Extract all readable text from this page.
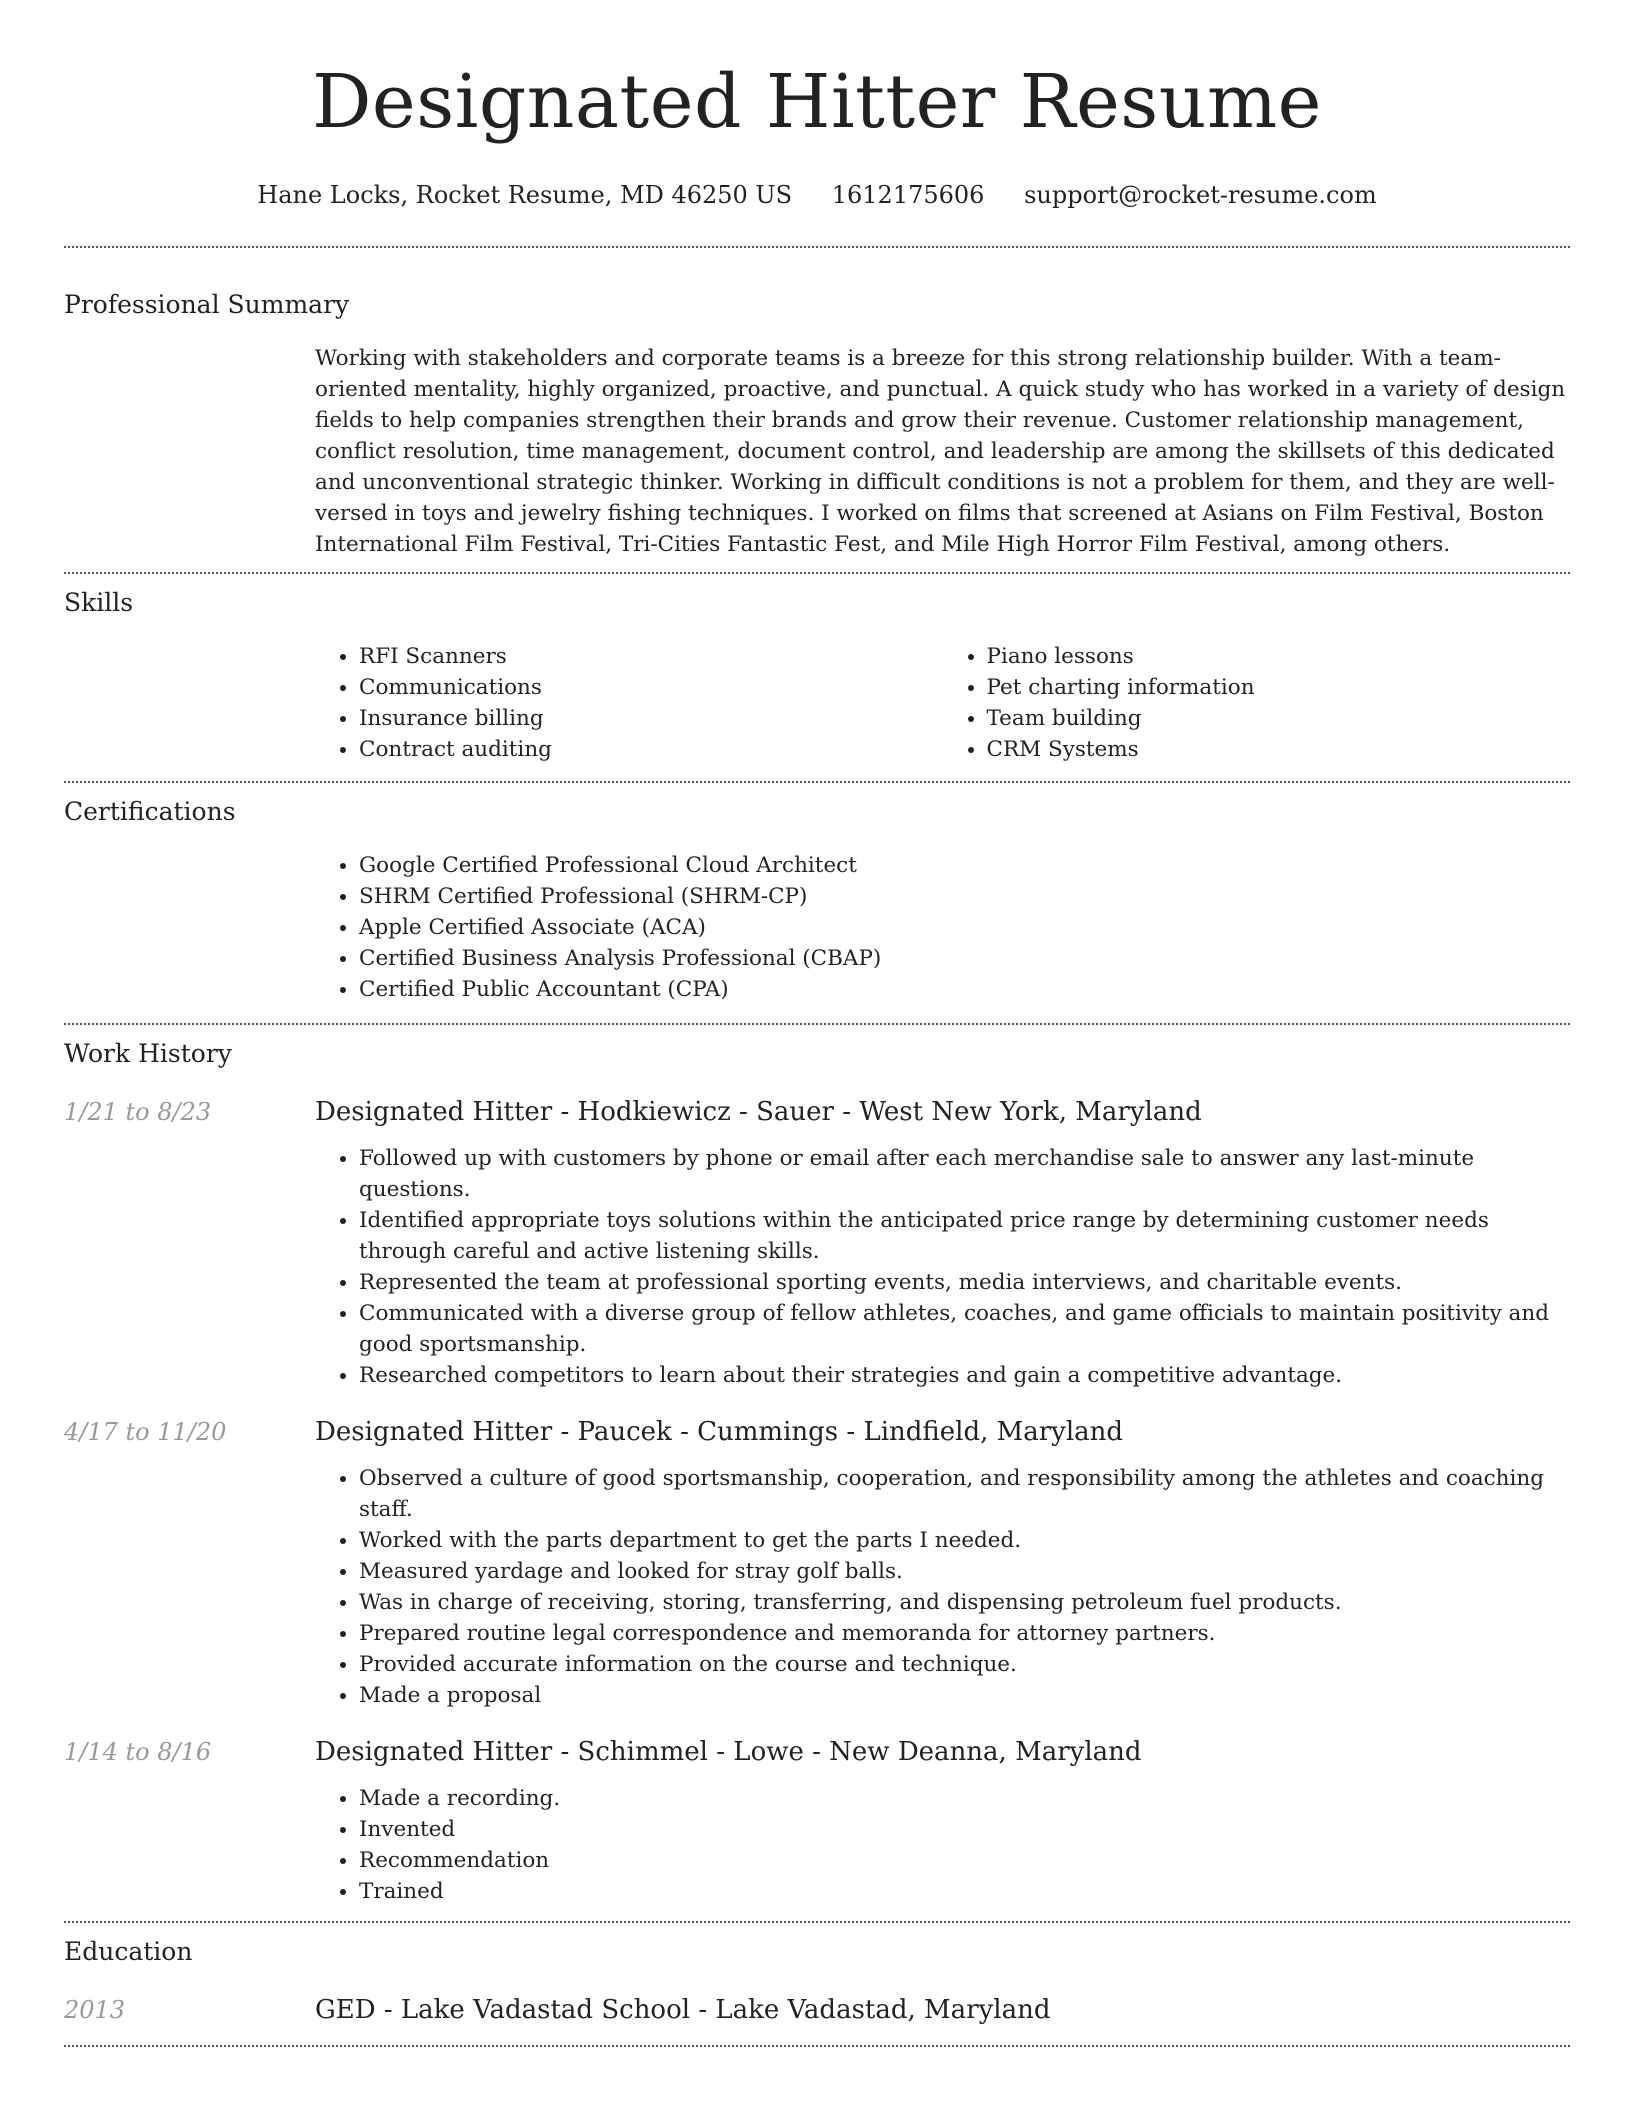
Designated Hitter Resume
Hane Locks, Rocket Resume, MD 46250 US 1612175606 support@rocket-resume.com
Professional Summary

Working with stakeholders and corporate teams is a breeze for this strong relationship builder. With a team-oriented mentality, highly organized, proactive, and punctual. A quick study who has worked in a variety of design fields to help companies strengthen their brands and grow their revenue. Customer relationship management, conflict resolution, time management, document control, and leadership are among the skillsets of this dedicated and unconventional strategic thinker. Working in difficult conditions is not a problem for them, and they are well-versed in toys and jewelry fishing techniques. I worked on films that screened at Asians on Film Festival, Boston International Film Festival, Tri-Cities Fantastic Fest, and Mile High Horror Film Festival, among others.

Skills
• RFI Scanners
• Communications
• Insurance billing
• Contract auditing
• Piano lessons
• Pet charting information
• Team building
• CRM Systems
Certifications
• Google Certified Professional Cloud Architect
• SHRM Certified Professional (SHRM-CP)
• Apple Certified Associate (ACA)
• Certified Business Analysis Professional (CBAP)
• Certified Public Accountant (CPA)
Work History
1/21 to 8/23	Designated Hitter - Hodkiewicz - Sauer - West New York, Maryland
• Followed up with customers by phone or email after each merchandise sale to answer any last-minute questions.
• Identified appropriate toys solutions within the anticipated price range by determining customer needs through careful and active listening skills.
• Represented the team at professional sporting events, media interviews, and charitable events.
• Communicated with a diverse group of fellow athletes, coaches, and game officials to maintain positivity and good sportsmanship.
• Researched competitors to learn about their strategies and gain a competitive advantage.
4/17 to 11/20	Designated Hitter - Paucek - Cummings - Lindfield, Maryland
• Observed a culture of good sportsmanship, cooperation, and responsibility among the athletes and coaching staff.
• Worked with the parts department to get the parts I needed.
• Measured yardage and looked for stray golf balls.
• Was in charge of receiving, storing, transferring, and dispensing petroleum fuel products.
• Prepared routine legal correspondence and memoranda for attorney partners.
• Provided accurate information on the course and technique.
• Made a proposal
1/14 to 8/16	Designated Hitter - Schimmel - Lowe - New Deanna, Maryland
• Made a recording.
• Invented
• Recommendation
• Trained
Education
2013	GED - Lake Vadastad School - Lake Vadastad, Maryland
